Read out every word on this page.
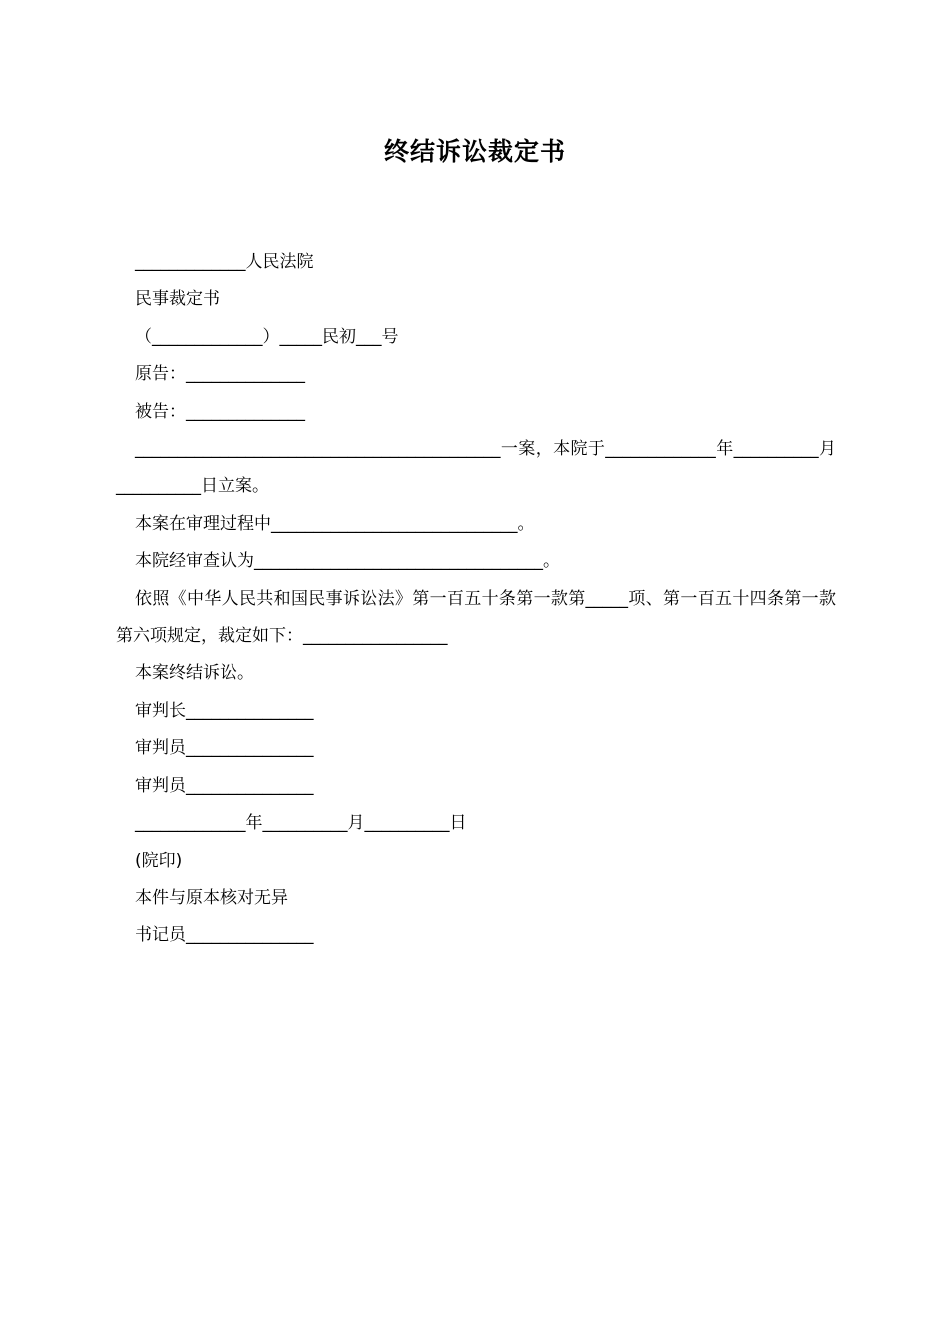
终结诉讼裁定书

_____________人民法院

民事裁定书

（_____________）_____民初___号

原告：______________

被告：______________

___________________________________________一案，本院于_____________年__________月__________日立案。

本案在审理过程中_____________________________。

本院经审查认为__________________________________。

依照《中华人民共和国民事诉讼法》第一百五十条第一款第_____项、第一百五十四条第一款第六项规定，裁定如下：_________________

本案终结诉讼。

审判长_______________

审判员_______________

审判员_______________

_____________年__________月__________日

(院印)

本件与原本核对无异

书记员_______________
